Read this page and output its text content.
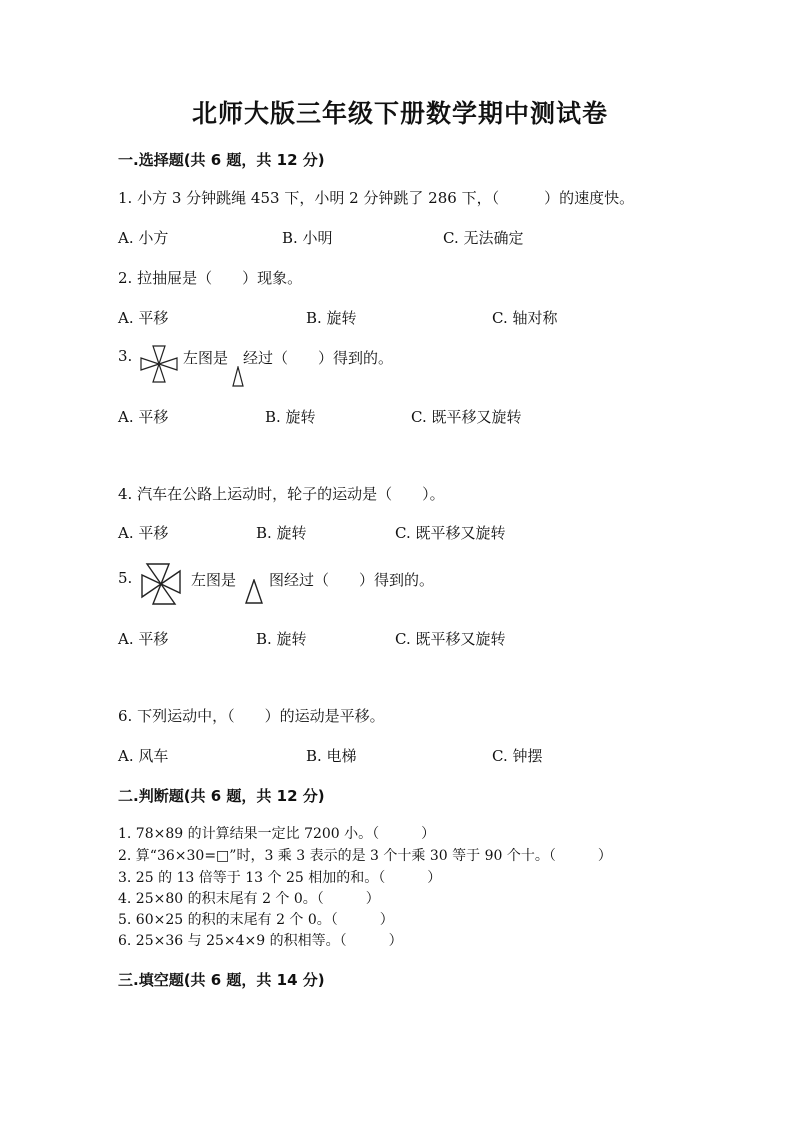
北师大版三年级下册数学期中测试卷
一.选择题(共 6 题，共 12 分)
1. 小方 3 分钟跳绳 453 下，小明 2 分钟跳了 286 下，（　　　）的速度快。
A. 小方	B. 小明	C. 无法确定
2. 拉抽屉是（　　）现象。
A. 平移	B. 旋转	C. 轴对称
3.	左图是 经过（　　）得到的。
A. 平移	B. 旋转	C. 既平移又旋转
4. 汽车在公路上运动时，轮子的运动是（　　）。
A. 平移	B. 旋转	C. 既平移又旋转
5.	左图是 图经过（　　）得到的。
A. 平移	B. 旋转	C. 既平移又旋转
6. 下列运动中，（　　）的运动是平移。
A. 风车	B. 电梯	C. 钟摆
二.判断题(共 6 题，共 12 分)
1. 78×89 的计算结果一定比 7200 小。（　　　）
2. 算“36×30=□”时，3 乘 3 表示的是 3 个十乘 30 等于 90 个十。（　　　）
3. 25 的 13 倍等于 13 个 25 相加的和。（　　　）
4. 25×80 的积末尾有 2 个 0。（　　　）
5. 60×25 的积的末尾有 2 个 0。（　　　）
6. 25×36 与 25×4×9 的积相等。（　　　）
三.填空题(共 6 题，共 14 分)
